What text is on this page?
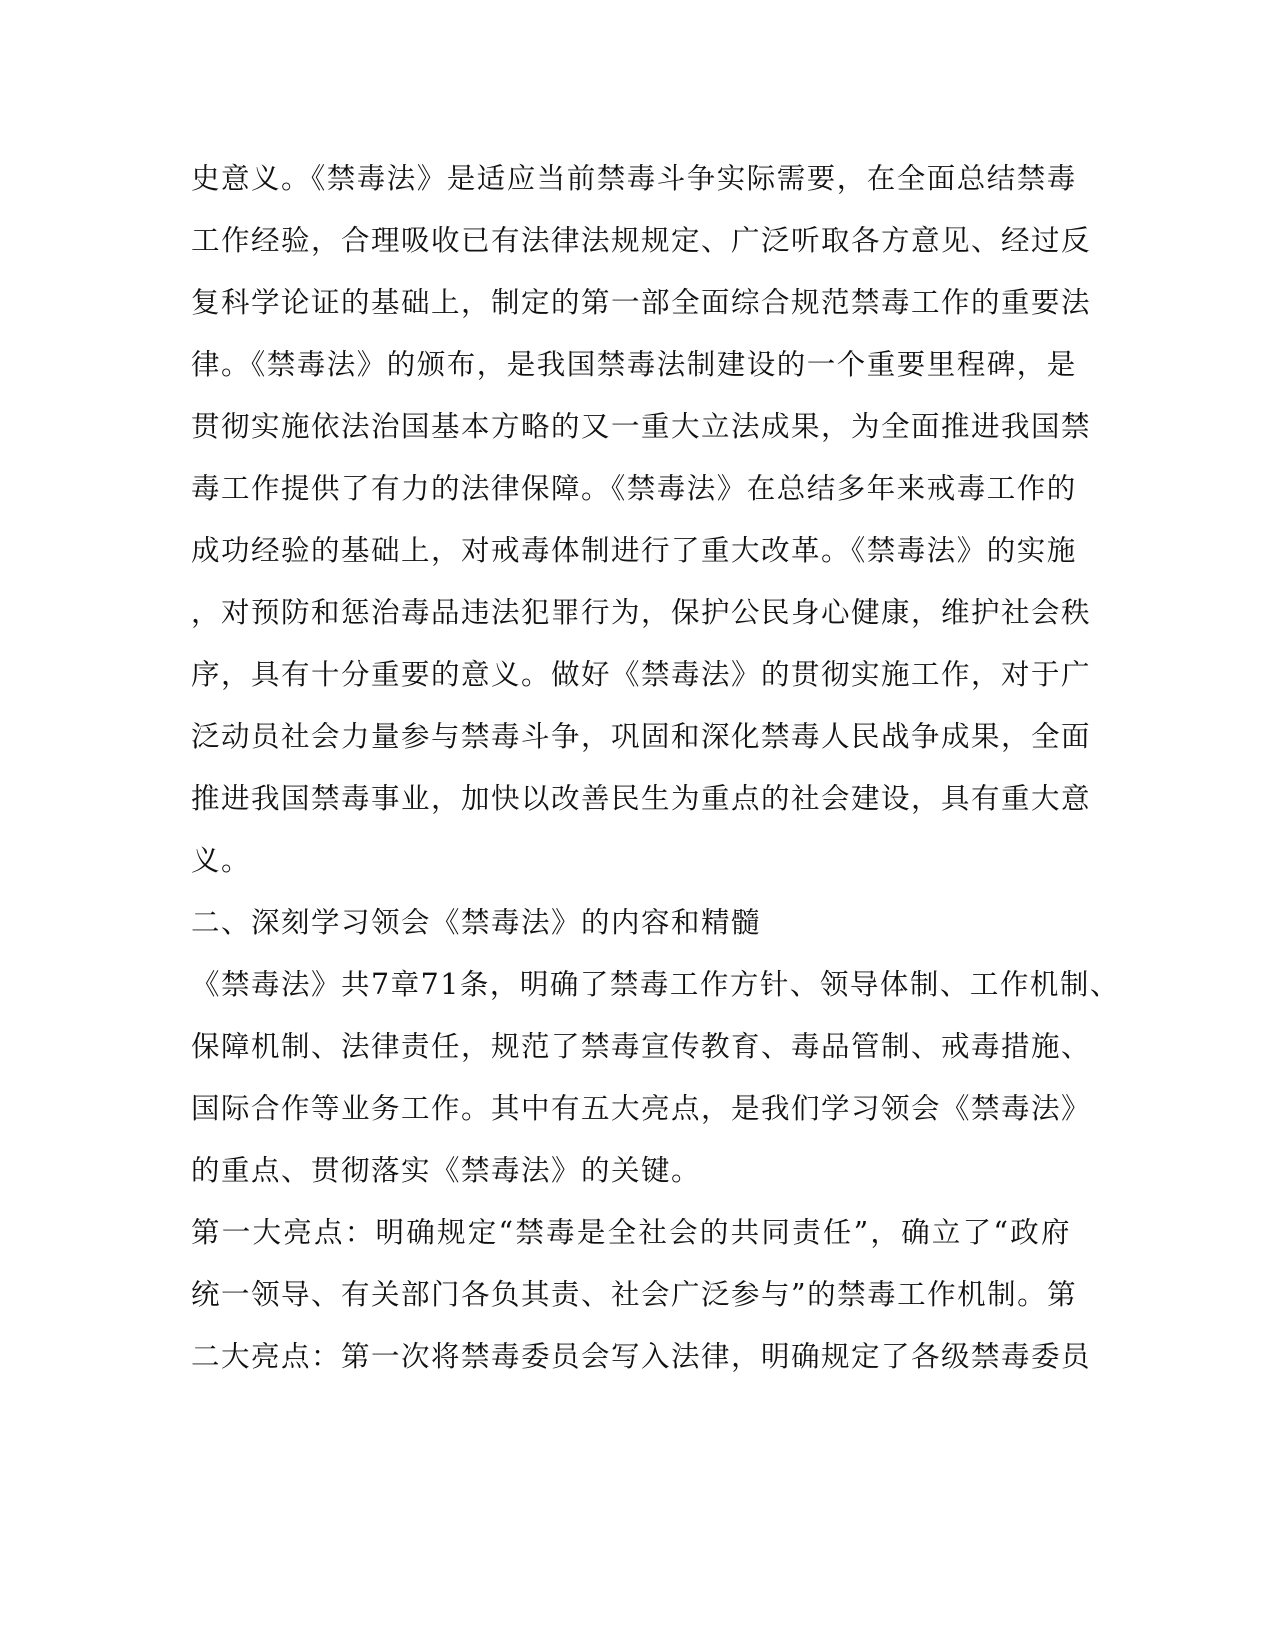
史意义。《禁毒法》是适应当前禁毒斗争实际需要，在全面总结禁毒
工作经验，合理吸收已有法律法规规定、广泛听取各方意见、经过反
复科学论证的基础上，制定的第一部全面综合规范禁毒工作的重要法
律。《禁毒法》的颁布，是我国禁毒法制建设的一个重要里程碑，是
贯彻实施依法治国基本方略的又一重大立法成果，为全面推进我国禁
毒工作提供了有力的法律保障。《禁毒法》在总结多年来戒毒工作的
成功经验的基础上，对戒毒体制进行了重大改革。《禁毒法》的实施
，对预防和惩治毒品违法犯罪行为，保护公民身心健康，维护社会秩
序，具有十分重要的意义。做好《禁毒法》的贯彻实施工作，对于广
泛动员社会力量参与禁毒斗争，巩固和深化禁毒人民战争成果，全面
推进我国禁毒事业，加快以改善民生为重点的社会建设，具有重大意
义。
二、深刻学习领会《禁毒法》的内容和精髓
《禁毒法》共7章71条，明确了禁毒工作方针、领导体制、工作机制、
保障机制、法律责任，规范了禁毒宣传教育、毒品管制、戒毒措施、
国际合作等业务工作。其中有五大亮点，是我们学习领会《禁毒法》
的重点、贯彻落实《禁毒法》的关键。
第一大亮点：明确规定“禁毒是全社会的共同责任”，确立了“政府
统一领导、有关部门各负其责、社会广泛参与”的禁毒工作机制。第
二大亮点：第一次将禁毒委员会写入法律，明确规定了各级禁毒委员
